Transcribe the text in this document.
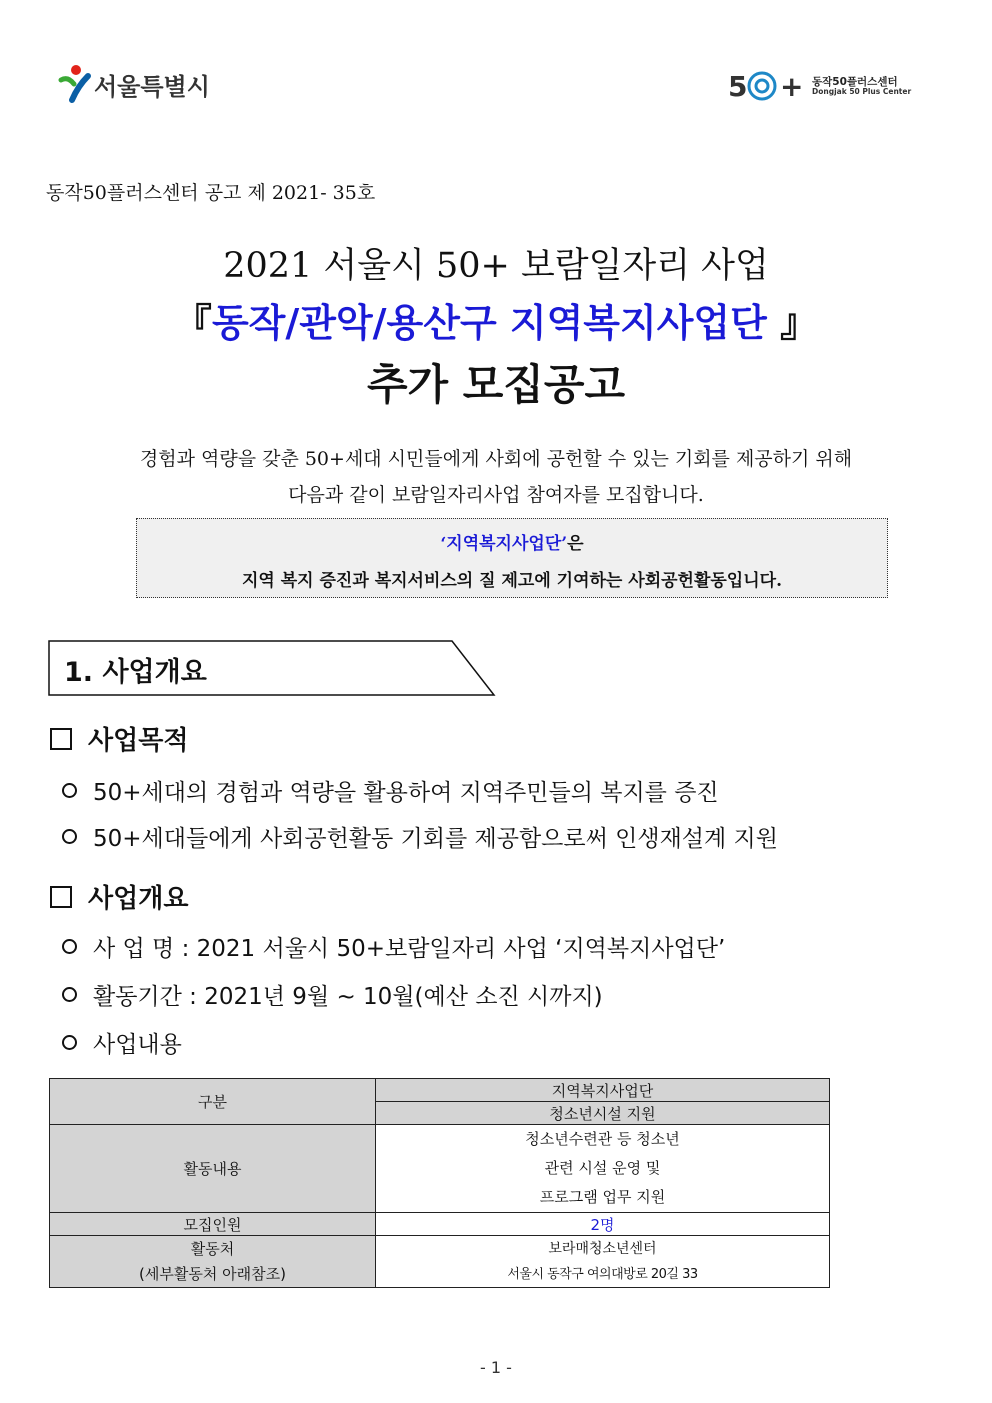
서울특별시	5 + 동작50플러스센터
Dongjak 50 Plus Center
동작50플러스센터 공고 제 2021- 35호
2021 서울시 50+ 보람일자리 사업
『동작/관악/용산구 지역복지사업단 』
추가 모집공고
경험과 역량을 갖춘 50+세대 시민들에게 사회에 공헌할 수 있는 기회를 제공하기 위해
다음과 같이 보람일자리사업 참여자를 모집합니다.
‘지역복지사업단’은
지역 복지 증진과 복지서비스의 질 제고에 기여하는 사회공헌활동입니다.
1. 사업개요
사업목적
50+세대의 경험과 역량을 활용하여 지역주민들의 복지를 증진
50+세대들에게 사회공헌활동 기회를 제공함으로써 인생재설계 지원
사업개요
사 업 명 : 2021 서울시 50+보람일자리 사업 ‘지역복지사업단’
활동기간 : 2021년 9월 ~ 10월(예산 소진 시까지)
사업내용
구분	지역복지사업단
	청소년시설 지원
활동내용	청소년수련관 등 청소년
관련 시설 운영 및
프로그램 업무 지원

모집인원	2명

활동처
(세부활동처 아래참조)	보라매청소년센터
서울시 동작구 여의대방로 20길 33
- 1 -
